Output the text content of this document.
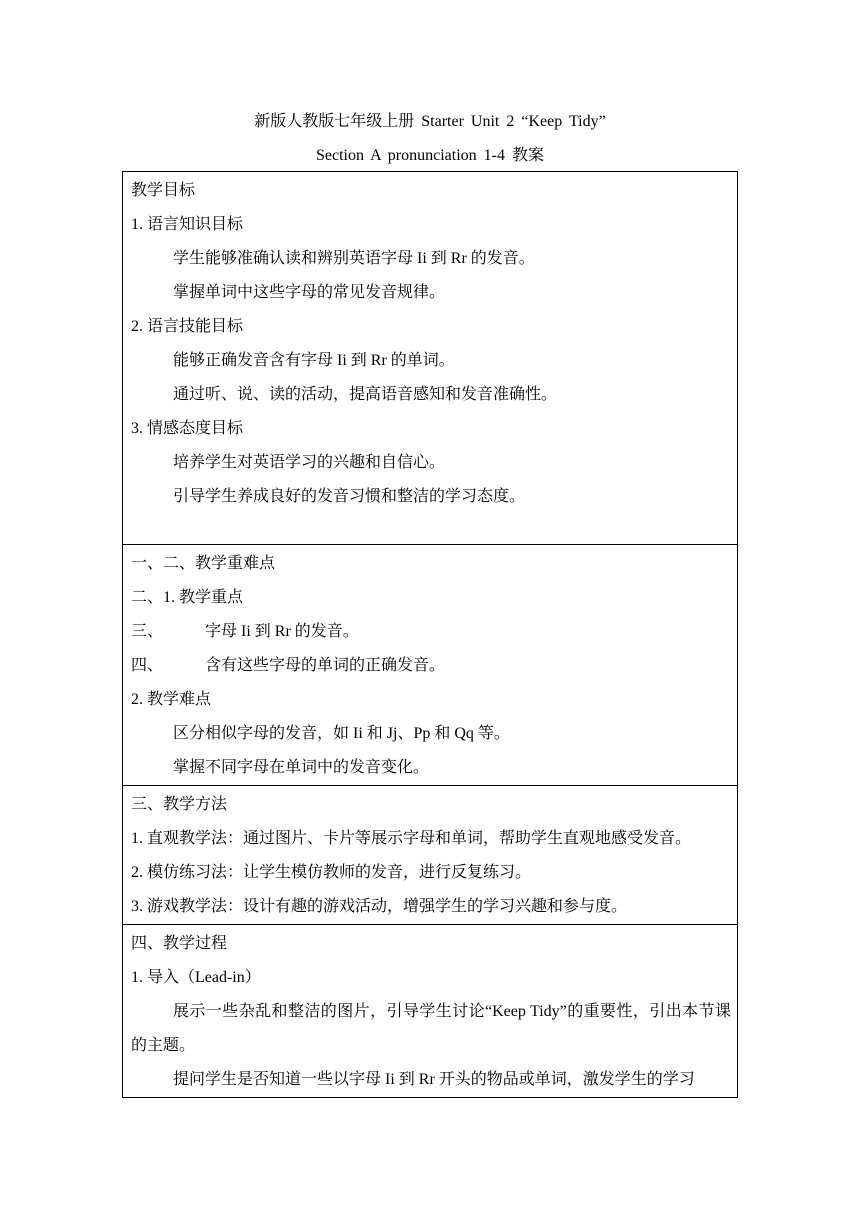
新版人教版七年级上册 Starter Unit 2 “Keep Tidy”
Section A pronunciation 1-4 教案
教学目标
1. 语言知识目标
学生能够准确认读和辨别英语字母 Ii 到 Rr 的发音。
掌握单词中这些字母的常见发音规律。
2. 语言技能目标
能够正确发音含有字母 Ii 到 Rr 的单词。
通过听、说、读的活动，提高语音感知和发音准确性。
3. 情感态度目标
培养学生对英语学习的兴趣和自信心。
引导学生养成良好的发音习惯和整洁的学习态度。

一、二、教学重难点
二、1. 教学重点
三、	字母 Ii 到 Rr 的发音。
四、	含有这些字母的单词的正确发音。
2. 教学难点
区分相似字母的发音，如 Ii 和 Jj、Pp 和 Qq 等。
掌握不同字母在单词中的发音变化。

三、教学方法
1. 直观教学法：通过图片、卡片等展示字母和单词，帮助学生直观地感受发音。
2. 模仿练习法：让学生模仿教师的发音，进行反复练习。
3. 游戏教学法：设计有趣的游戏活动，增强学生的学习兴趣和参与度。

四、教学过程
1. 导入（Lead-in）

展示一些杂乱和整洁的图片，引导学生讨论“Keep Tidy”的重要性，引出本节课的主题。

提问学生是否知道一些以字母 Ii 到 Rr 开头的物品或单词，激发学生的学习
